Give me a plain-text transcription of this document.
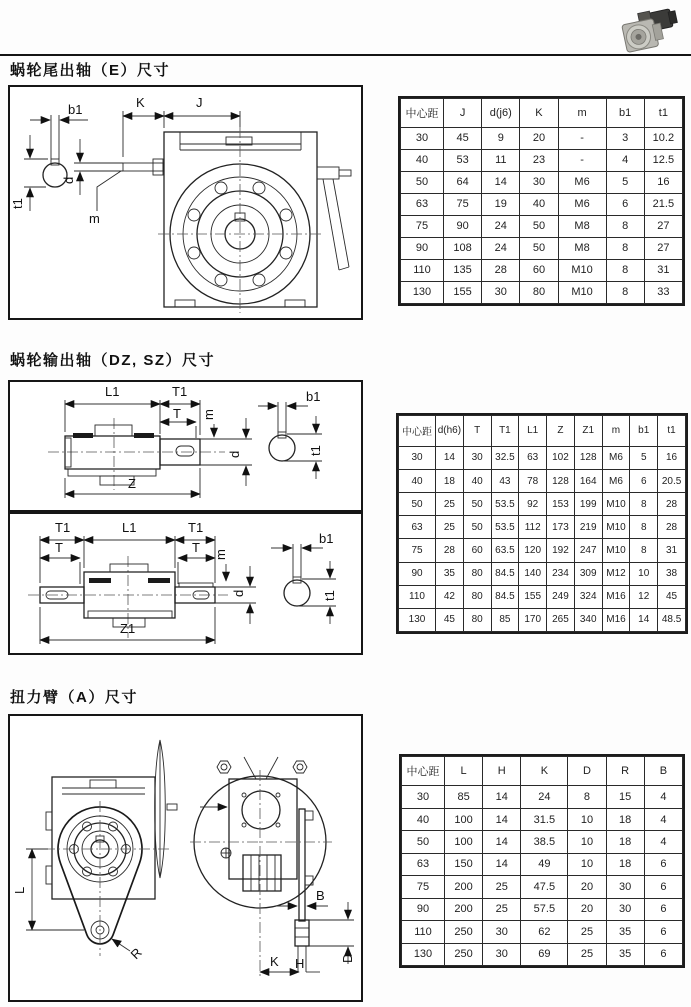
蜗轮尾出轴（E）尺寸
b1
t1
d
m
K	J
中心距	J	d(j6)	K	m	b1	t1
30	45	9	20	-	3	10.2
40	53	11	23	-	4	12.5
50	64	14	30	M6	5	16
63	75	19	40	M6	6	21.5
75	90	24	50	M8	8	27
90	108	24	50	M8	8	27
110	135	28	60	M10	8	31
130	155	30	80	M10	8	33
蜗轮输出轴（DZ, SZ）尺寸
L1	T1
T m
d
Z
b1
t1
T1	L1	T1
T	T m
d
Z1
b1
t1
中心距	d(h6)	T	T1	L1	Z	Z1	m	b1	t1
30	14	30	32.5	63	102	128	M6	5	16
40	18	40	43	78	128	164	M6	6	20.5
50	25	50	53.5	92	153	199	M10	8	28
63	25	50	53.5	112	173	219	M10	8	28
75	28	60	63.5	120	192	247	M10	8	31
90	35	80	84.5	140	234	309	M12	10	38
110	42	80	84.5	155	249	324	M16	12	45
130	45	80	85	170	265	340	M16	14	48.5
扭力臂（A）尺寸
L
R
B
D
K H
中心距	L	H	K	D	R	B
30	85	14	24	8	15	4
40	100	14	31.5	10	18	4
50	100	14	38.5	10	18	4
63	150	14	49	10	18	6
75	200	25	47.5	20	30	6
90	200	25	57.5	20	30	6
110	250	30	62	25	35	6
130	250	30	69	25	35	6
